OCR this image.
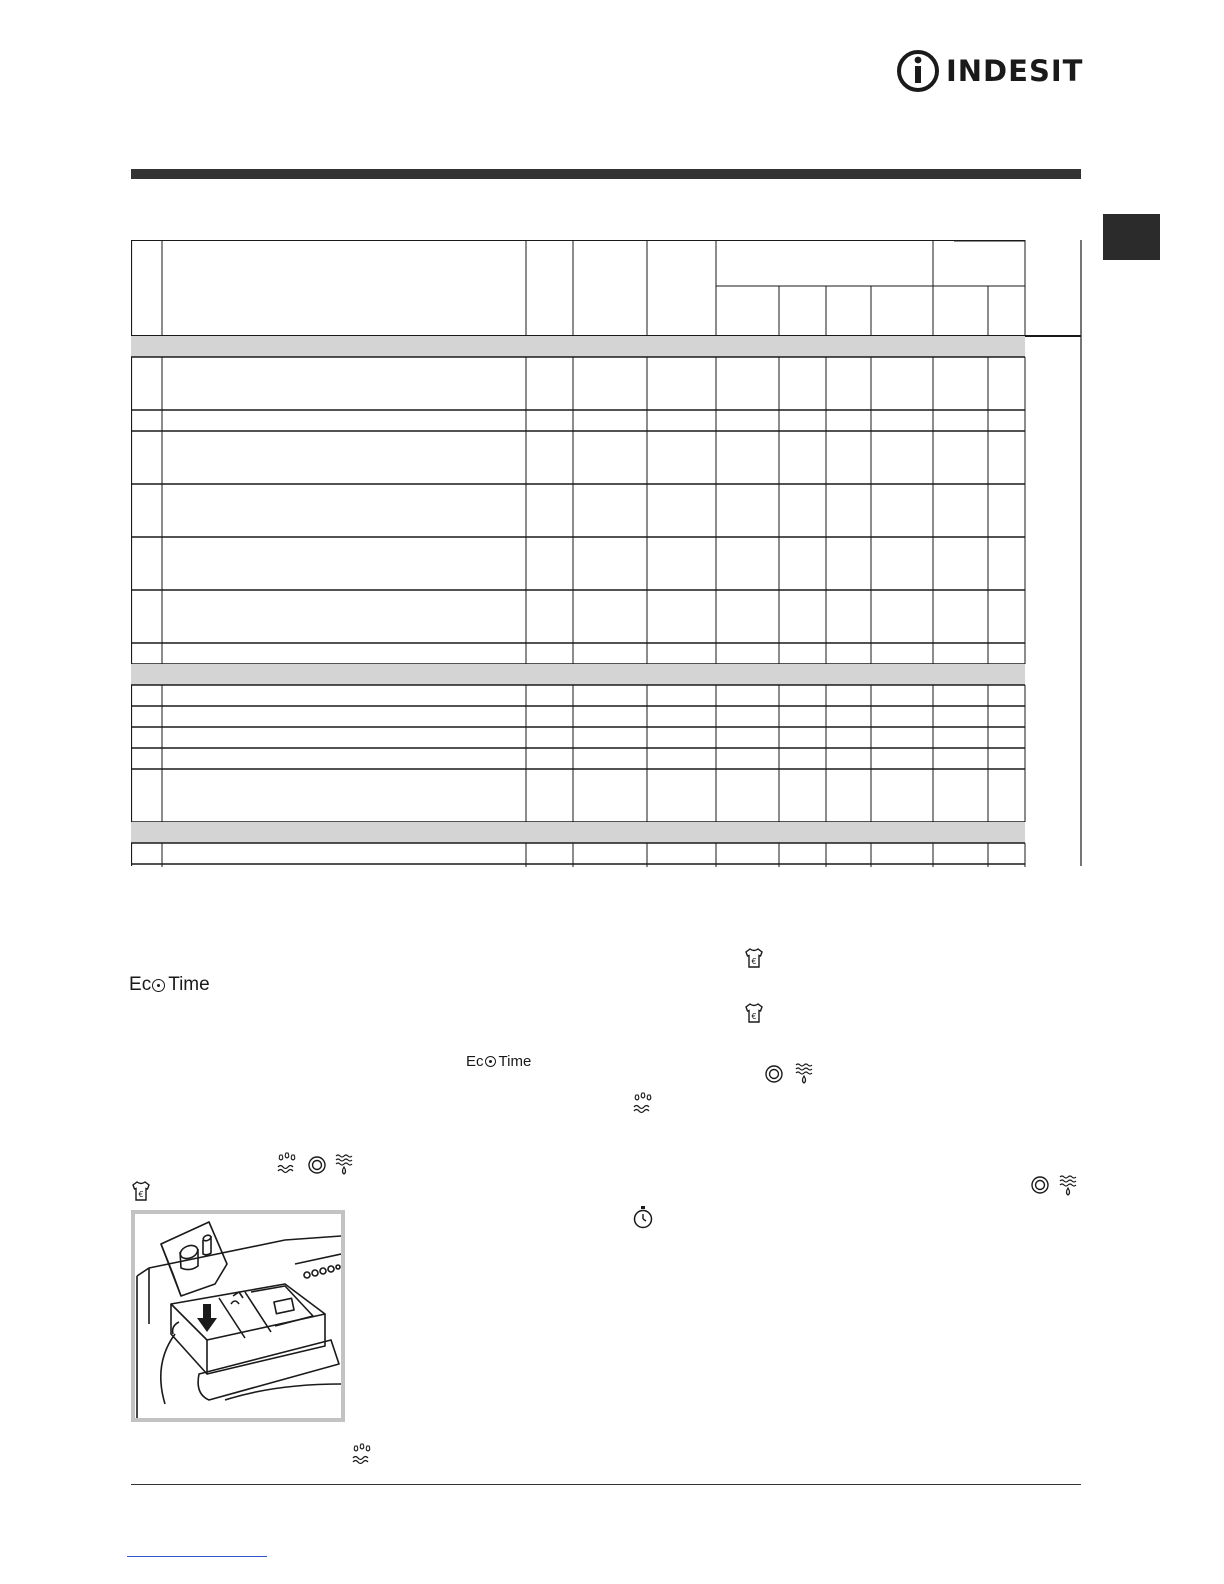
INDESIT
E c Time
E c Time
€
€
€
